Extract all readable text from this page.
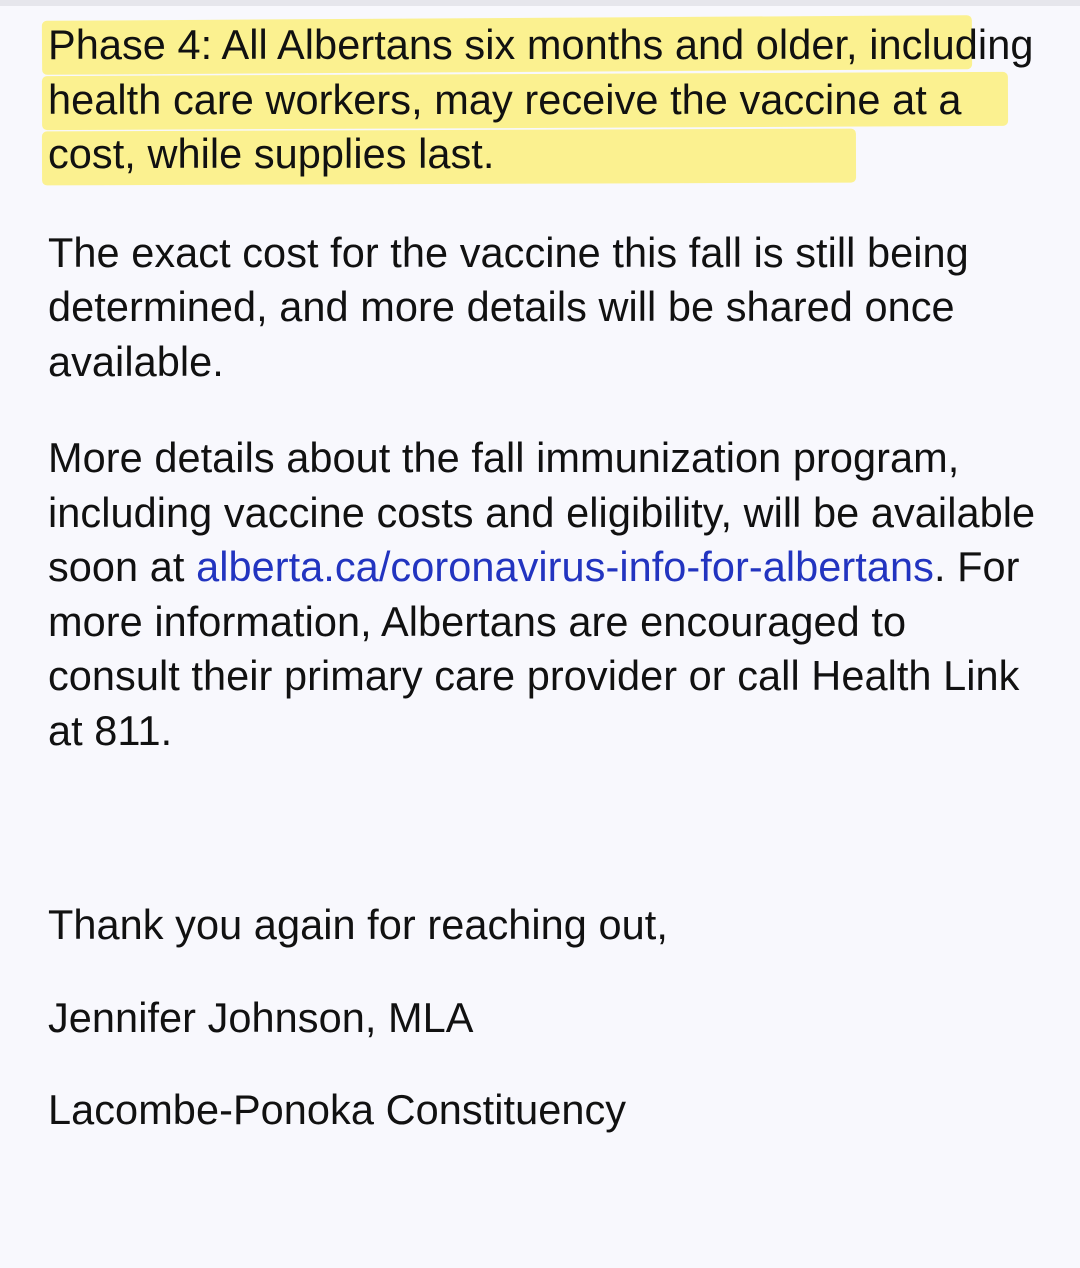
Phase 4: All Albertans six months and older, including health care workers, may receive the vaccine at a cost, while supplies last.

The exact cost for the vaccine this fall is still being determined, and more details will be shared once available.

More details about the fall immunization program, including vaccine costs and eligibility, will be available soon at alberta.ca/coronavirus-info-for-albertans. For more information, Albertans are encouraged to consult their primary care provider or call Health Link at 811.

Thank you again for reaching out,

Jennifer Johnson, MLA

Lacombe-Ponoka Constituency
